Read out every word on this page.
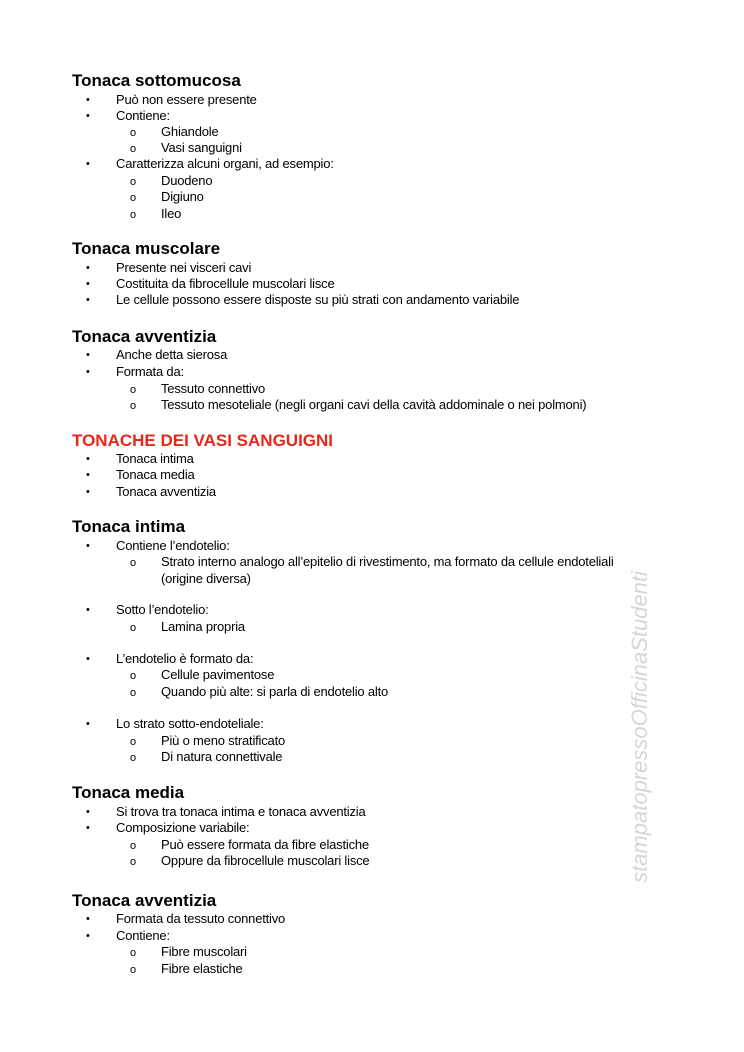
Tonaca sottomucosa
• Può non essere presente
• Contiene:
o Ghiandole
o Vasi sanguigni
• Caratterizza alcuni organi, ad esempio:
o Duodeno
o Digiuno
o Ileo
Tonaca muscolare
• Presente nei visceri cavi
• Costituita da fibrocellule muscolari lisce
• Le cellule possono essere disposte su più strati con andamento variabile
Tonaca avventizia
• Anche detta sierosa
• Formata da:
o Tessuto connettivo
o Tessuto mesoteliale (negli organi cavi della cavità addominale o nei polmoni)
TONACHE DEI VASI SANGUIGNI
• Tonaca intima
• Tonaca media
• Tonaca avventizia
Tonaca intima
• Contiene l’endotelio:
o Strato interno analogo all’epitelio di rivestimento, ma formato da cellule endoteliali
(origine diversa)
• Sotto l’endotelio:
o Lamina propria
• L’endotelio è formato da:
o Cellule pavimentose
o Quando più alte: si parla di endotelio alto
• Lo strato sotto-endoteliale:
o Più o meno stratificato
o Di natura connettivale
Tonaca media
• Si trova tra tonaca intima e tonaca avventizia
• Composizione variabile:
o Può essere formata da fibre elastiche
o Oppure da fibrocellule muscolari lisce
Tonaca avventizia
• Formata da tessuto connettivo
• Contiene:
o Fibre muscolari
o Fibre elastiche
stampatopressoOfficinaStudenti
